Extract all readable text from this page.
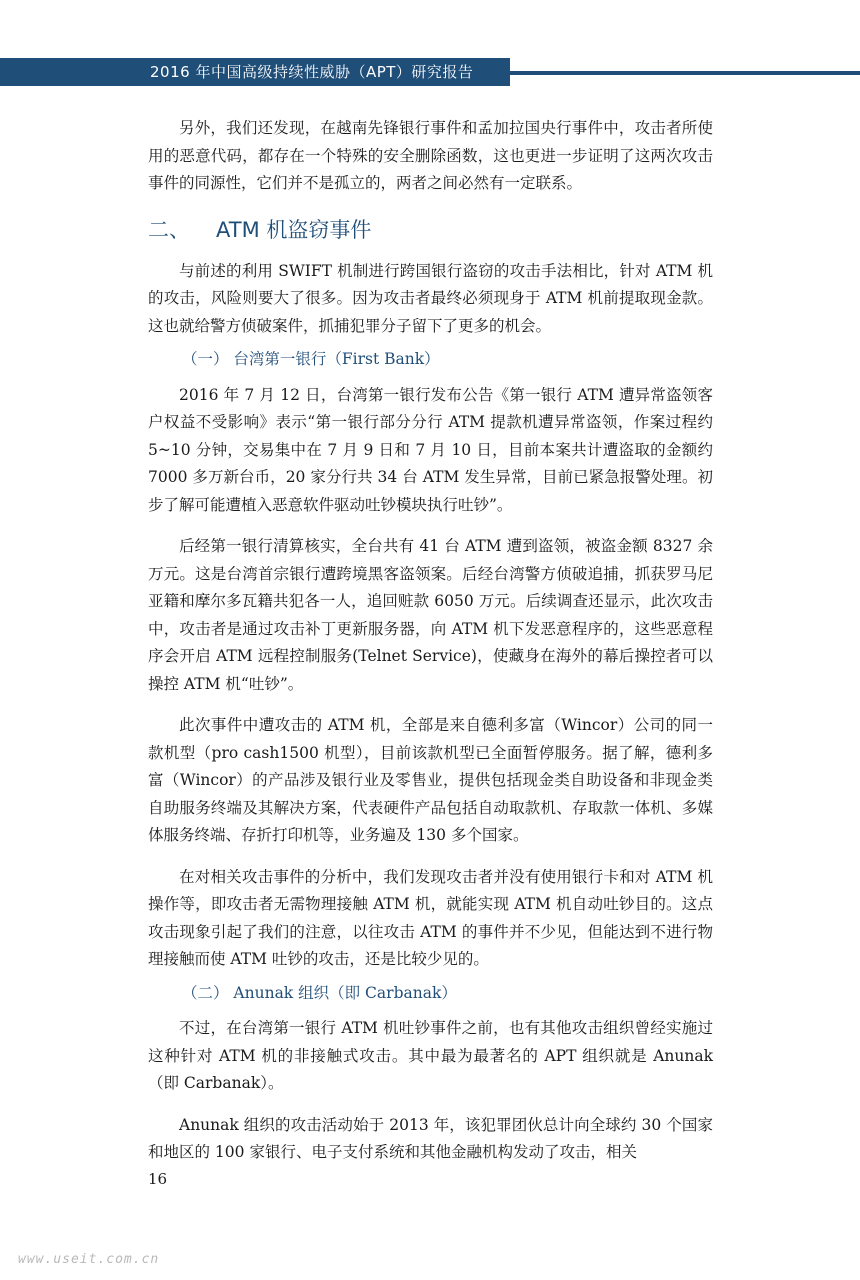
2016 年中国高级持续性威胁（APT）研究报告

另外，我们还发现，在越南先锋银行事件和孟加拉国央行事件中，攻击者所使用的恶意代码，都存在一个特殊的安全删除函数，这也更进一步证明了这两次攻击事件的同源性，它们并不是孤立的，两者之间必然有一定联系。

二、 ATM 机盗窃事件

与前述的利用 SWIFT 机制进行跨国银行盗窃的攻击手法相比，针对 ATM 机的攻击，风险则要大了很多。因为攻击者最终必须现身于 ATM 机前提取现金款。这也就给警方侦破案件，抓捕犯罪分子留下了更多的机会。

（一） 台湾第一银行（First Bank）

2016 年 7 月 12 日，台湾第一银行发布公告《第一银行 ATM 遭异常盗领客户权益不受影响》表示“第一银行部分分行 ATM 提款机遭异常盗领，作案过程约 5~10 分钟，交易集中在 7 月 9 日和 7 月 10 日，目前本案共计遭盗取的金额约 7000 多万新台币，20 家分行共 34 台 ATM 发生异常，目前已紧急报警处理。初步了解可能遭植入恶意软件驱动吐钞模块执行吐钞”。

后经第一银行清算核实，全台共有 41 台 ATM 遭到盗领，被盗金额 8327 余万元。这是台湾首宗银行遭跨境黑客盗领案。后经台湾警方侦破追捕，抓获罗马尼亚籍和摩尔多瓦籍共犯各一人，追回赃款 6050 万元。后续调查还显示，此次攻击中，攻击者是通过攻击补丁更新服务器，向 ATM 机下发恶意程序的，这些恶意程序会开启 ATM 远程控制服务(Telnet Service)，使藏身在海外的幕后操控者可以操控 ATM 机“吐钞”。

此次事件中遭攻击的 ATM 机，全部是来自德利多富（Wincor）公司的同一款机型（pro cash1500 机型），目前该款机型已全面暂停服务。据了解，德利多富（Wincor）的产品涉及银行业及零售业，提供包括现金类自助设备和非现金类自助服务终端及其解决方案，代表硬件产品包括自动取款机、存取款一体机、多媒体服务终端、存折打印机等，业务遍及 130 多个国家。

在对相关攻击事件的分析中，我们发现攻击者并没有使用银行卡和对 ATM 机操作等，即攻击者无需物理接触 ATM 机，就能实现 ATM 机自动吐钞目的。这点攻击现象引起了我们的注意，以往攻击 ATM 的事件并不少见，但能达到不进行物理接触而使 ATM 吐钞的攻击，还是比较少见的。

（二） Anunak 组织（即 Carbanak）

不过，在台湾第一银行 ATM 机吐钞事件之前，也有其他攻击组织曾经实施过这种针对 ATM 机的非接触式攻击。其中最为最著名的 APT 组织就是 Anunak（即 Carbanak）。

Anunak 组织的攻击活动始于 2013 年，该犯罪团伙总计向全球约 30 个国家和地区的 100 家银行、电子支付系统和其他金融机构发动了攻击，相关

16
www.useit.com.cn
